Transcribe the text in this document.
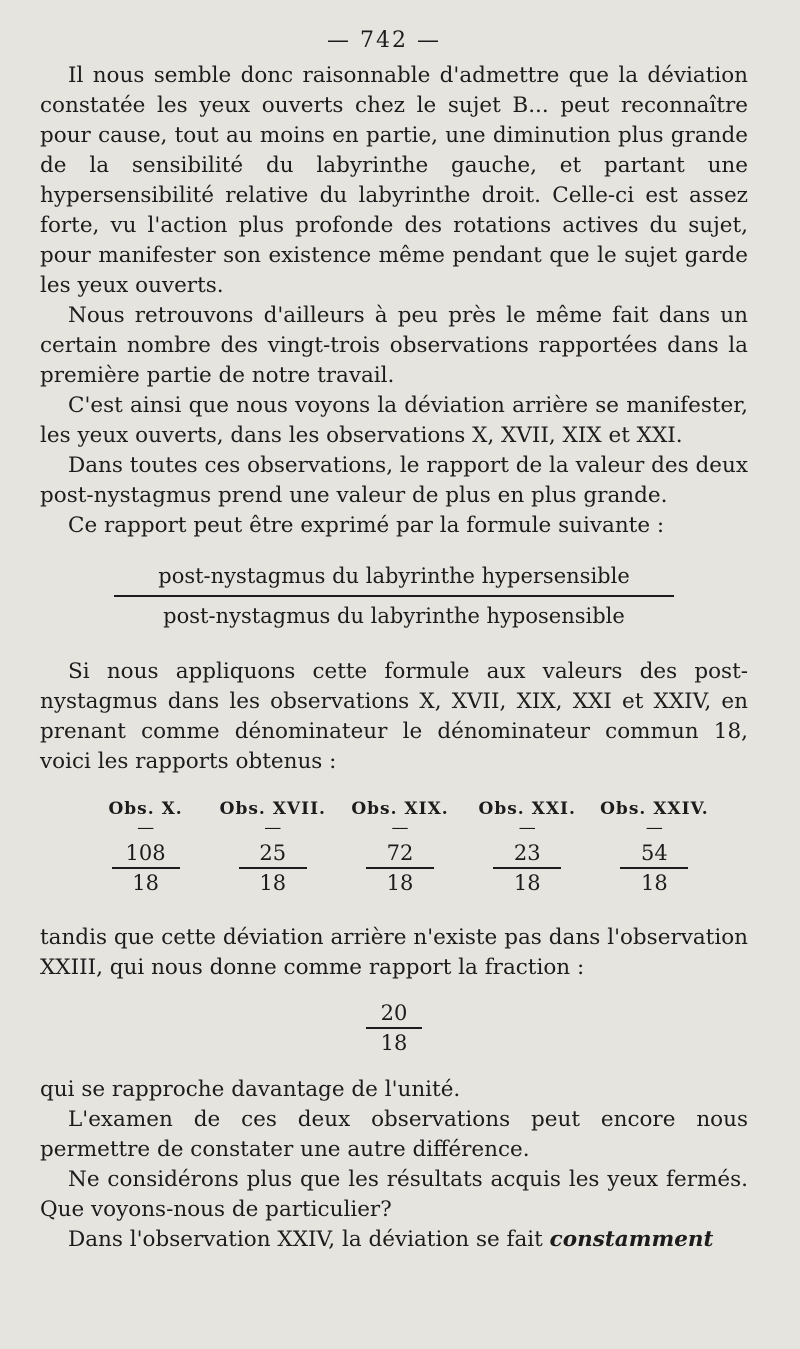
— 742 —

Il nous semble donc raisonnable d'admettre que la déviation constatée les yeux ouverts chez le sujet B... peut reconnaître pour cause, tout au moins en partie, une diminution plus grande de la sensibilité du labyrinthe gauche, et partant une hypersensibilité relative du labyrinthe droit. Celle-ci est assez forte, vu l'action plus profonde des rotations actives du sujet, pour manifester son existence même pendant que le sujet garde les yeux ouverts.

Nous retrouvons d'ailleurs à peu près le même fait dans un certain nombre des vingt-trois observations rapportées dans la première partie de notre travail.

C'est ainsi que nous voyons la déviation arrière se manifester, les yeux ouverts, dans les observations X, XVII, XIX et XXI.

Dans toutes ces observations, le rapport de la valeur des deux post-nystagmus prend une valeur de plus en plus grande.

Ce rapport peut être exprimé par la formule suivante :

post-nystagmus du labyrinthe hypersensible
post-nystagmus du labyrinthe hyposensible

Si nous appliquons cette formule aux valeurs des post-nystagmus dans les observations X, XVII, XIX, XXI et XXIV, en prenant comme dénominateur le dénominateur commun 18, voici les rapports obtenus :

Obs. X.
—
$\frac{108}{18}$
Obs. XVII.
—
$\frac{25}{18}$
Obs. XIX.
—
$\frac{72}{18}$
Obs. XXI.
—
$\frac{23}{18}$
Obs. XXIV.
—
$\frac{54}{18}$

tandis que cette déviation arrière n'existe pas dans l'observation XXIII, qui nous donne comme rapport la fraction :

$\frac{20}{18}$

qui se rapproche davantage de l'unité.

L'examen de ces deux observations peut encore nous permettre de constater une autre différence.

Ne considérons plus que les résultats acquis les yeux fermés. Que voyons-nous de particulier?

Dans l'observation XXIV, la déviation se fait constamment
